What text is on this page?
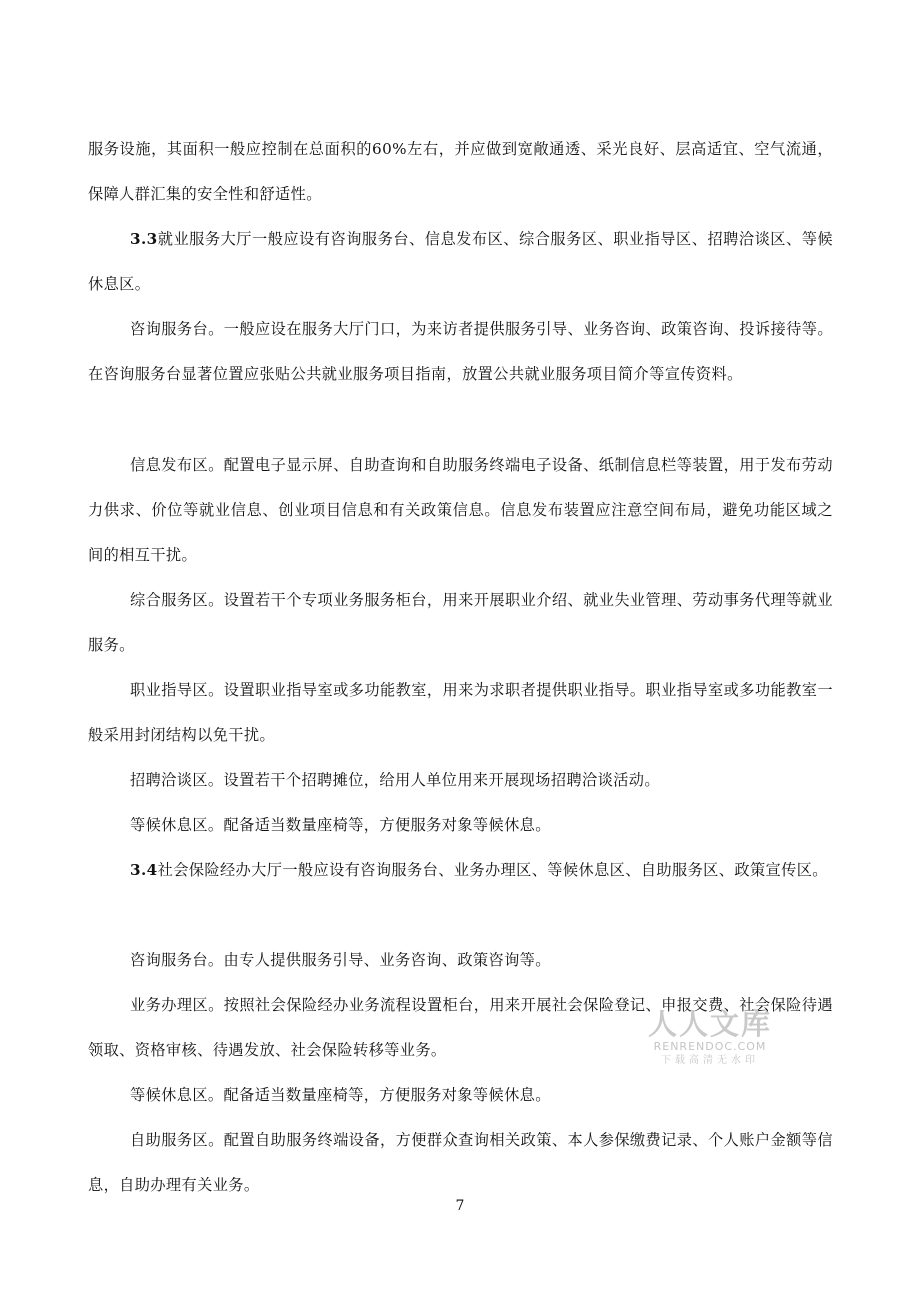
服务设施，其面积一般应控制在总面积的60%左右，并应做到宽敞通透、采光良好、层高适宜、空气流通，保障人群汇集的安全性和舒适性。

3.3就业服务大厅一般应设有咨询服务台、信息发布区、综合服务区、职业指导区、招聘洽谈区、等候休息区。

咨询服务台。一般应设在服务大厅门口，为来访者提供服务引导、业务咨询、政策咨询、投诉接待等。在咨询服务台显著位置应张贴公共就业服务项目指南，放置公共就业服务项目简介等宣传资料。

信息发布区。配置电子显示屏、自助查询和自助服务终端电子设备、纸制信息栏等装置，用于发布劳动力供求、价位等就业信息、创业项目信息和有关政策信息。信息发布装置应注意空间布局，避免功能区域之间的相互干扰。

综合服务区。设置若干个专项业务服务柜台，用来开展职业介绍、就业失业管理、劳动事务代理等就业服务。

职业指导区。设置职业指导室或多功能教室，用来为求职者提供职业指导。职业指导室或多功能教室一般采用封闭结构以免干扰。

招聘洽谈区。设置若干个招聘摊位，给用人单位用来开展现场招聘洽谈活动。

等候休息区。配备适当数量座椅等，方便服务对象等候休息。

3.4社会保险经办大厅一般应设有咨询服务台、业务办理区、等候休息区、自助服务区、政策宣传区。

咨询服务台。由专人提供服务引导、业务咨询、政策咨询等。

业务办理区。按照社会保险经办业务流程设置柜台，用来开展社会保险登记、申报交费、社会保险待遇领取、资格审核、待遇发放、社会保险转移等业务。

等候休息区。配备适当数量座椅等，方便服务对象等候休息。

自助服务区。配置自助服务终端设备，方便群众查询相关政策、本人参保缴费记录、个人账户金额等信息，自助办理有关业务。

7
人人文库
RENRENDOC.COM
下载高清无水印
